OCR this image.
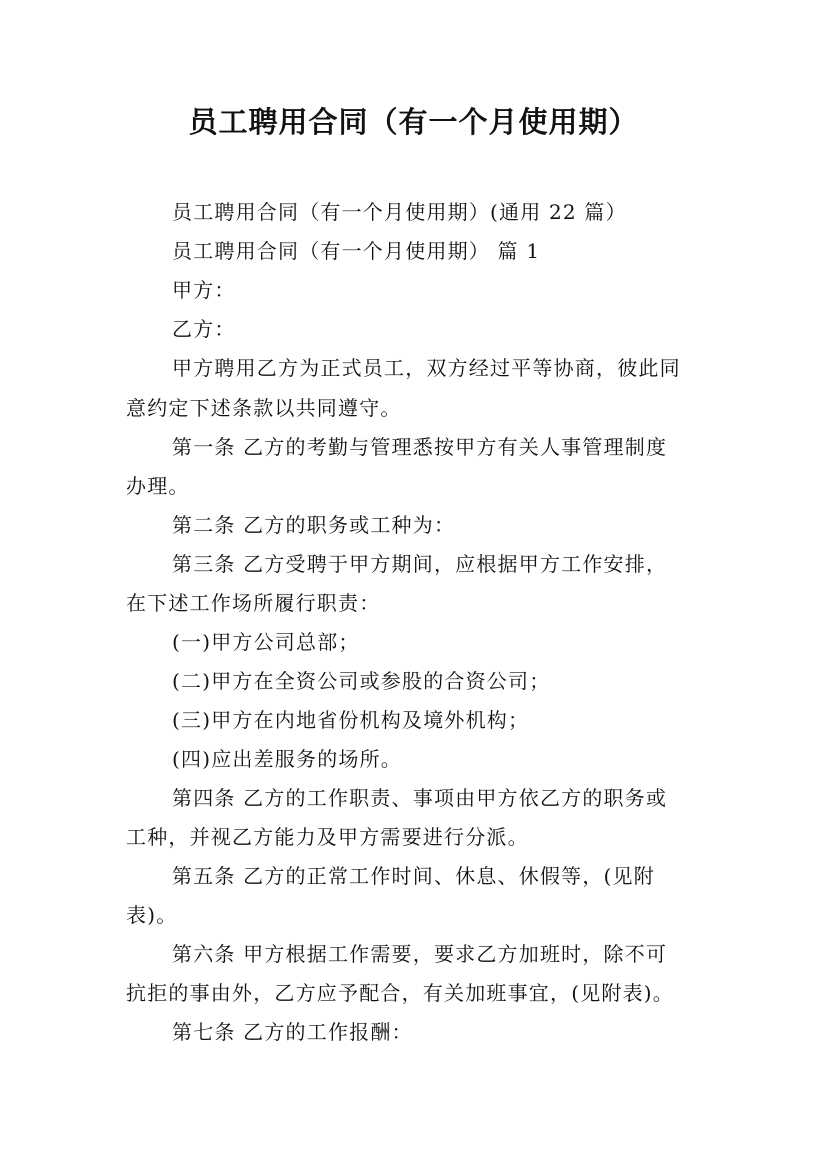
员工聘用合同（有一个月使用期）
员工聘用合同（有一个月使用期）(通用 22 篇）
员工聘用合同（有一个月使用期） 篇 1
甲方：
乙方：
甲方聘用乙方为正式员工，双方经过平等协商，彼此同
意约定下述条款以共同遵守。
第一条 乙方的考勤与管理悉按甲方有关人事管理制度
办理。
第二条 乙方的职务或工种为：
第三条 乙方受聘于甲方期间，应根据甲方工作安排，
在下述工作场所履行职责：
(一)甲方公司总部；
(二)甲方在全资公司或参股的合资公司；
(三)甲方在内地省份机构及境外机构；
(四)应出差服务的场所。
第四条 乙方的工作职责、事项由甲方依乙方的职务或
工种，并视乙方能力及甲方需要进行分派。
第五条 乙方的正常工作时间、休息、休假等，(见附
表)。
第六条 甲方根据工作需要，要求乙方加班时，除不可
抗拒的事由外，乙方应予配合，有关加班事宜，(见附表)。
第七条 乙方的工作报酬：
